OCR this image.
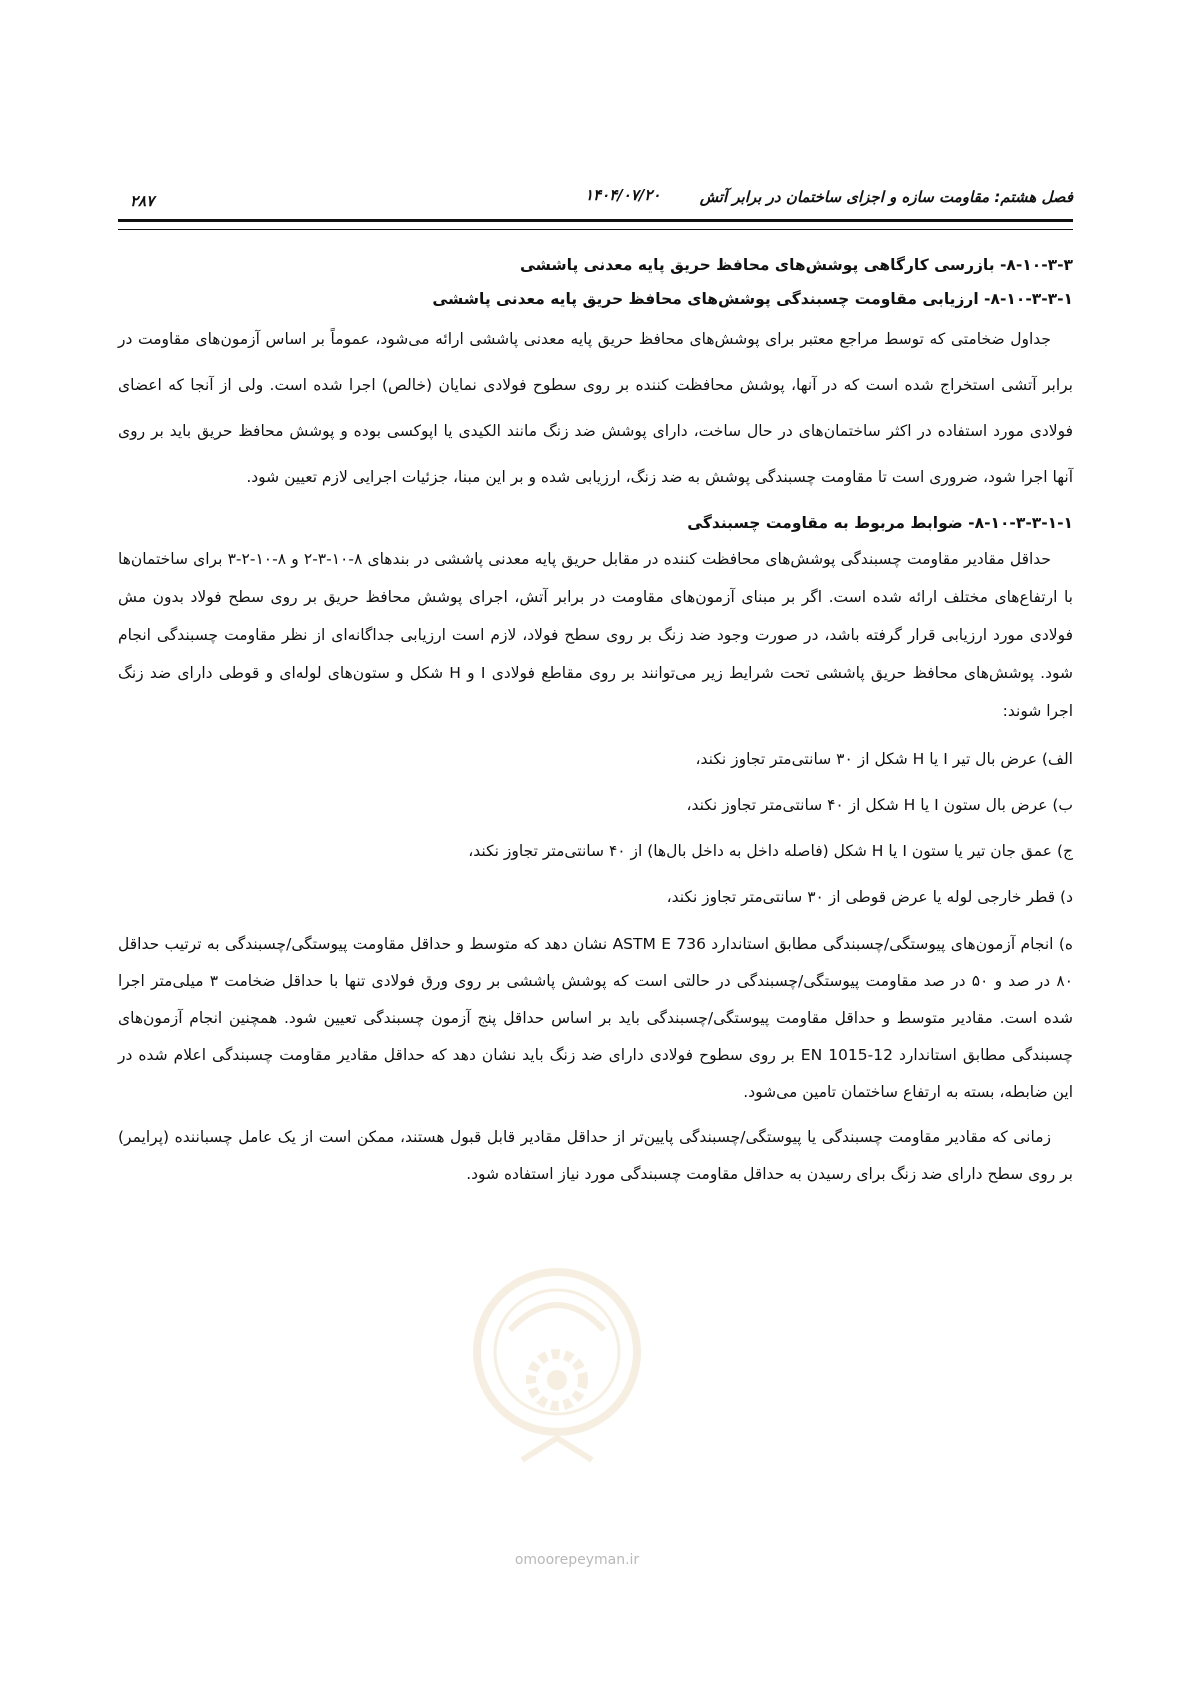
فصل هشتم: مقاومت سازه و اجزای ساختمان در برابر آتش
۱۴۰۴/۰۷/۲۰
۲۸۷

۸-۱۰-۳-۳- بازرسی کارگاهی پوشش‌های محافظ حریق پایه معدنی پاششی

۸-۱۰-۳-۳-۱- ارزیابی مقاومت چسبندگی پوشش‌های محافظ حریق پایه معدنی پاششی

جداول ضخامتی که توسط مراجع معتبر برای پوشش‌های محافظ حریق پایه معدنی پاششی ارائه می‌شود، عموماً بر اساس آزمون‌های مقاومت در برابر آتشی استخراج شده است که در آنها، پوشش محافظت کننده بر روی سطوح فولادی نمایان (خالص) اجرا شده است. ولی از آنجا که اعضای فولادی مورد استفاده در اکثر ساختمان‌های در حال ساخت، دارای پوشش ضد زنگ مانند الکیدی یا اپوکسی بوده و پوشش محافظ حریق باید بر روی آنها اجرا شود، ضروری است تا مقاومت چسبندگی پوشش به ضد زنگ، ارزیابی شده و بر این مبنا، جزئیات اجرایی لازم تعیین شود.

۸-۱۰-۳-۳-۱-۱- ضوابط مربوط به مقاومت چسبندگی

حداقل مقادیر مقاومت چسبندگی پوشش‌های محافظت کننده در مقابل حریق پایه معدنی پاششی در بندهای ۸-۱۰-۳-۲ و ۸-۱۰-۲-۳ برای ساختمان‌ها با ارتفاع‌های مختلف ارائه شده است. اگر بر مبنای آزمون‌های مقاومت در برابر آتش، اجرای پوشش محافظ حریق بر روی سطح فولاد بدون مش فولادی مورد ارزیابی قرار گرفته باشد، در صورت وجود ضد زنگ بر روی سطح فولاد، لازم است ارزیابی جداگانه‌ای از نظر مقاومت چسبندگی انجام شود. پوشش‌های محافظ حریق پاششی تحت شرایط زیر می‌توانند بر روی مقاطع فولادی I و H شکل و ستون‌های لوله‌ای و قوطی دارای ضد زنگ اجرا شوند:

الف) عرض بال تیر I یا H شکل از ۳۰ سانتی‌متر تجاوز نکند،

ب) عرض بال ستون I یا H شکل از ۴۰ سانتی‌متر تجاوز نکند،

ج) عمق جان تیر یا ستون I یا H شکل (فاصله داخل به داخل بال‌ها) از ۴۰ سانتی‌متر تجاوز نکند،

د) قطر خارجی لوله یا عرض قوطی از ۳۰ سانتی‌متر تجاوز نکند،

ه) انجام آزمون‌های پیوستگی/چسبندگی مطابق استاندارد ASTM E 736 نشان دهد که متوسط و حداقل مقاومت پیوستگی/چسبندگی به ترتیب حداقل ۸۰ در صد و ۵۰ در صد مقاومت پیوستگی/چسبندگی در حالتی است که پوشش پاششی بر روی ورق فولادی تنها با حداقل ضخامت ۳ میلی‌متر اجرا شده است. مقادیر متوسط و حداقل مقاومت پیوستگی/چسبندگی باید بر اساس حداقل پنج آزمون چسبندگی تعیین شود. همچنین انجام آزمون‌های چسبندگی مطابق استاندارد EN 1015-12 بر روی سطوح فولادی دارای ضد زنگ باید نشان دهد که حداقل مقادیر مقاومت چسبندگی اعلام شده در این ضابطه، بسته به ارتفاع ساختمان تامین می‌شود.

زمانی که مقادیر مقاومت چسبندگی یا پیوستگی/چسبندگی پایین‌تر از حداقل مقادیر قابل قبول هستند، ممکن است از یک عامل چسباننده (پرایمر) بر روی سطح دارای ضد زنگ برای رسیدن به حداقل مقاومت چسبندگی مورد نیاز استفاده شود.

omoorepeyman.ir
